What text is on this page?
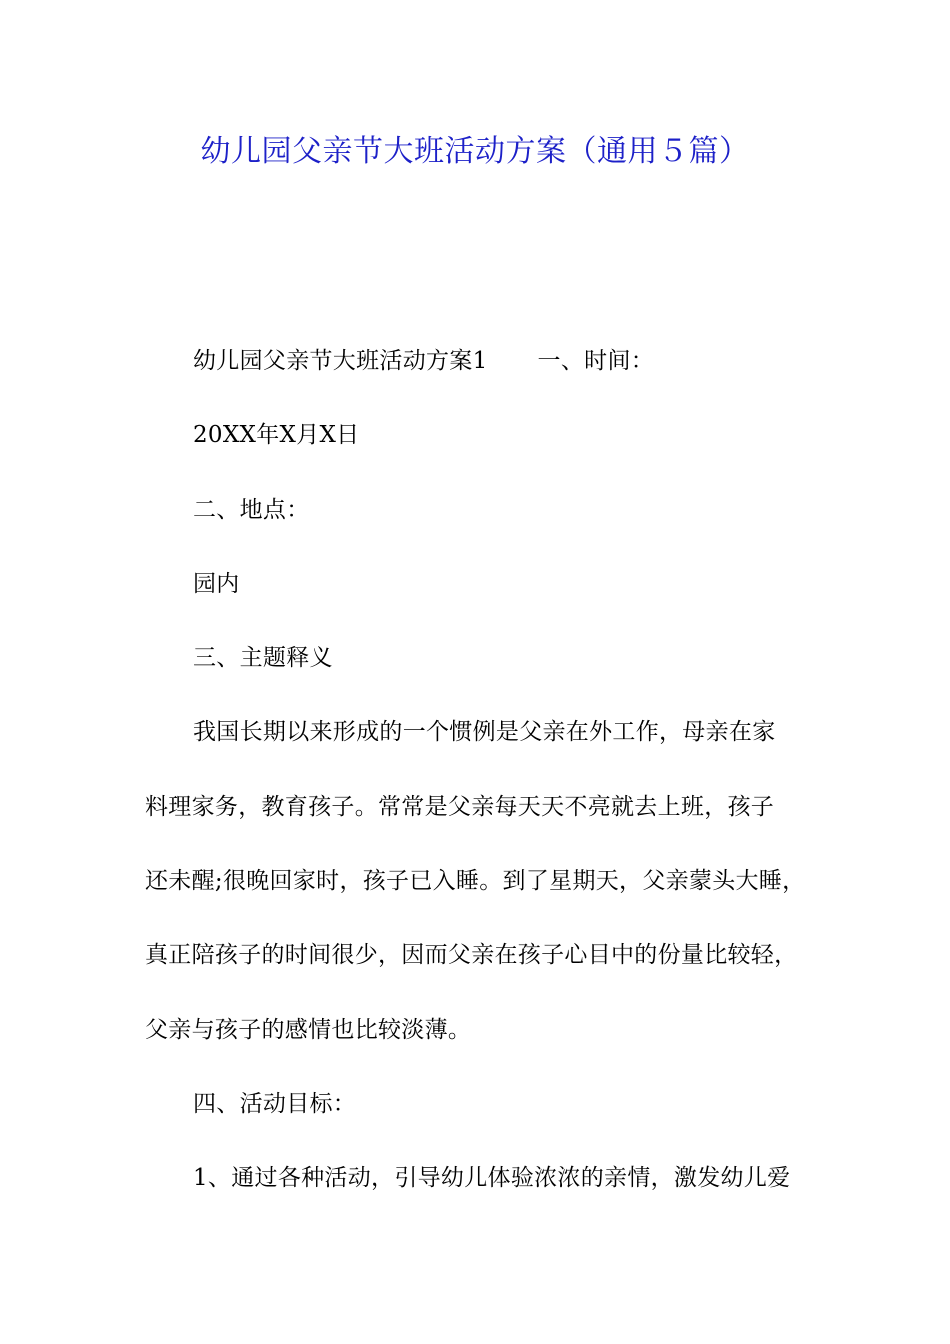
幼儿园父亲节大班活动方案（通用５篇）
幼儿园父亲节大班活动方案1 一、时间：
20XX年X月X日
二、地点：
园内
三、主题释义
我国长期以来形成的一个惯例是父亲在外工作，母亲在家
料理家务，教育孩子。常常是父亲每天天不亮就去上班，孩子
还未醒;很晚回家时，孩子已入睡。到了星期天，父亲蒙头大睡，
真正陪孩子的时间很少，因而父亲在孩子心目中的份量比较轻，
父亲与孩子的感情也比较淡薄。
四、活动目标：
1、通过各种活动，引导幼儿体验浓浓的亲情，激发幼儿爱
